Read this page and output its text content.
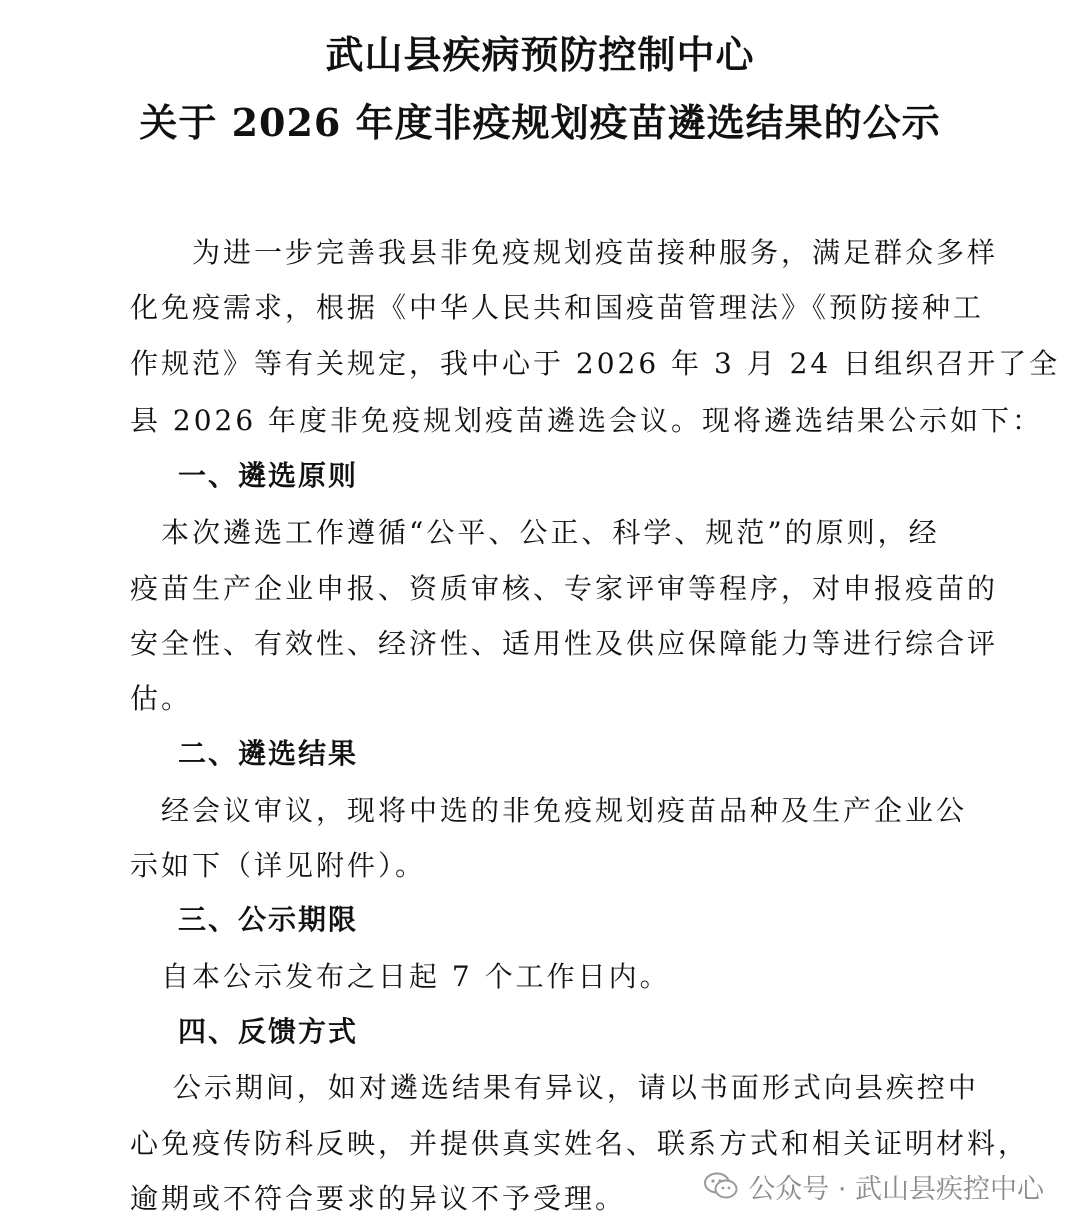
武山县疾病预防控制中心
关于 2026 年度非疫规划疫苗遴选结果的公示
　　为进一步完善我县非免疫规划疫苗接种服务，满足群众多样
化免疫需求，根据《中华人民共和国疫苗管理法》《预防接种工
作规范》等有关规定，我中心于 2026 年 3 月 24 日组织召开了全
县 2026 年度非免疫规划疫苗遴选会议。现将遴选结果公示如下：
一、遴选原则
　本次遴选工作遵循“公平、公正、科学、规范”的原则，经
疫苗生产企业申报、资质审核、专家评审等程序，对申报疫苗的
安全性、有效性、经济性、适用性及供应保障能力等进行综合评
估。
二、遴选结果
　经会议审议，现将中选的非免疫规划疫苗品种及生产企业公
示如下（详见附件）。
三、公示期限
　自本公示发布之日起 7 个工作日内。
四、反馈方式
　 公示期间，如对遴选结果有异议，请以书面形式向县疾控中
心免疫传防科反映，并提供真实姓名、联系方式和相关证明材料，
逾期或不符合要求的异议不予受理。	公众号 · 武山县疾控中心
